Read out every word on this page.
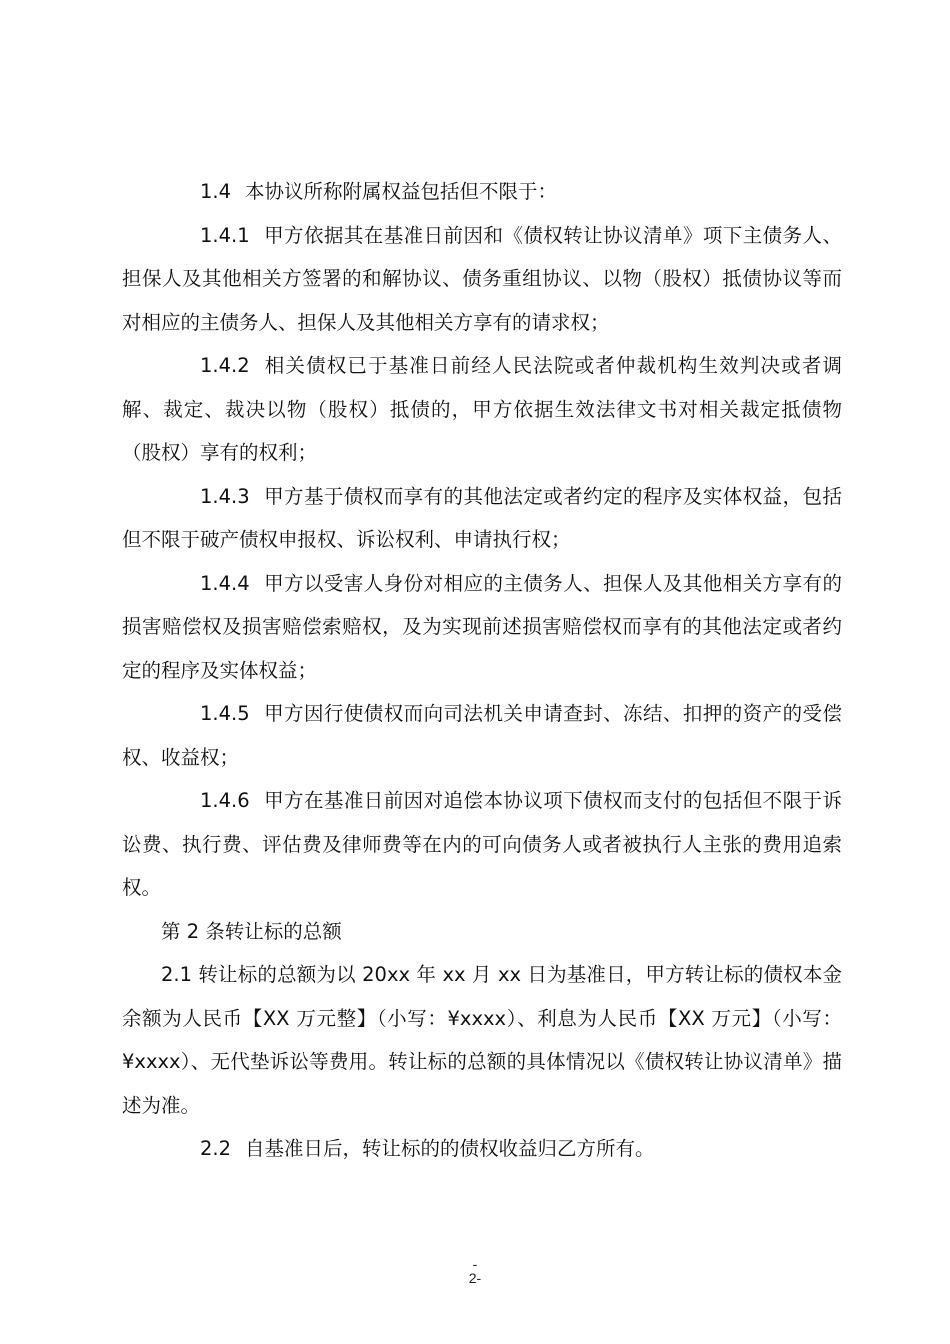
1.4 本协议所称附属权益包括但不限于：

1.4.1 甲方依据其在基准日前因和《债权转让协议清单》项下主债务人、担保人及其他相关方签署的和解协议、债务重组协议、以物（股权）抵债协议等而对相应的主债务人、担保人及其他相关方享有的请求权；

1.4.2 相关债权已于基准日前经人民法院或者仲裁机构生效判决或者调解、裁定、裁决以物（股权）抵债的，甲方依据生效法律文书对相关裁定抵债物（股权）享有的权利；

1.4.3 甲方基于债权而享有的其他法定或者约定的程序及实体权益，包括但不限于破产债权申报权、诉讼权利、申请执行权；

1.4.4 甲方以受害人身份对相应的主债务人、担保人及其他相关方享有的损害赔偿权及损害赔偿索赔权，及为实现前述损害赔偿权而享有的其他法定或者约定的程序及实体权益；

1.4.5 甲方因行使债权而向司法机关申请查封、冻结、扣押的资产的受偿权、收益权；

1.4.6 甲方在基准日前因对追偿本协议项下债权而支付的包括但不限于诉讼费、执行费、评估费及律师费等在内的可向债务人或者被执行人主张的费用追索权。

第 2 条转让标的总额

2.1 转让标的总额为以 20xx 年 xx 月 xx 日为基准日，甲方转让标的债权本金余额为人民币【XX 万元整】（小写：¥xxxx）、利息为人民币【XX 万元】（小写：¥xxxx）、无代垫诉讼等费用。转让标的总额的具体情况以《债权转让协议清单》描述为准。

2.2 自基准日后，转让标的的债权收益归乙方所有。

-
2-
